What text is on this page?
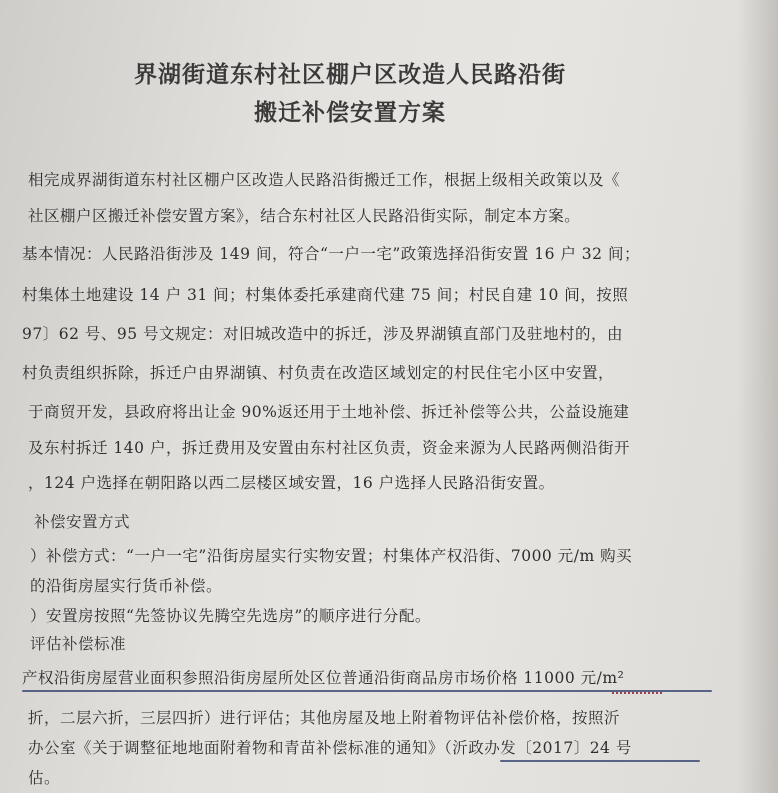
界湖街道东村社区棚户区改造人民路沿街
搬迁补偿安置方案
相完成界湖街道东村社区棚户区改造人民路沿街搬迁工作，根据上级相关政策以及《
社区棚户区搬迁补偿安置方案》，结合东村社区人民路沿街实际，制定本方案。
基本情况：人民路沿街涉及 149 间，符合“一户一宅”政策选择沿街安置 16 户 32 间；
村集体土地建设 14 户 31 间；村集体委托承建商代建 75 间；村民自建 10 间，按照
97〕62 号、95 号文规定：对旧城改造中的拆迁，涉及界湖镇直部门及驻地村的，由
村负责组织拆除，拆迁户由界湖镇、村负责在改造区域划定的村民住宅小区中安置，
于商贸开发，县政府将出让金 90%返还用于土地补偿、拆迁补偿等公共，公益设施建
及东村拆迁 140 户，拆迁费用及安置由东村社区负责，资金来源为人民路两侧沿街开
，124 户选择在朝阳路以西二层楼区域安置，16 户选择人民路沿街安置。
补偿安置方式
）补偿方式：“一户一宅”沿街房屋实行实物安置；村集体产权沿街、7000 元/m 购买
的沿街房屋实行货币补偿。
）安置房按照“先签协议先腾空先选房”的顺序进行分配。
评估补偿标准
产权沿街房屋营业面积参照沿街房屋所处区位普通沿街商品房市场价格 11000 元/m²
折，二层六折，三层四折）进行评估；其他房屋及地上附着物评估补偿价格，按照沂
办公室《关于调整征地地面附着物和青苗补偿标准的通知》（沂政办发〔2017〕24 号
估。
